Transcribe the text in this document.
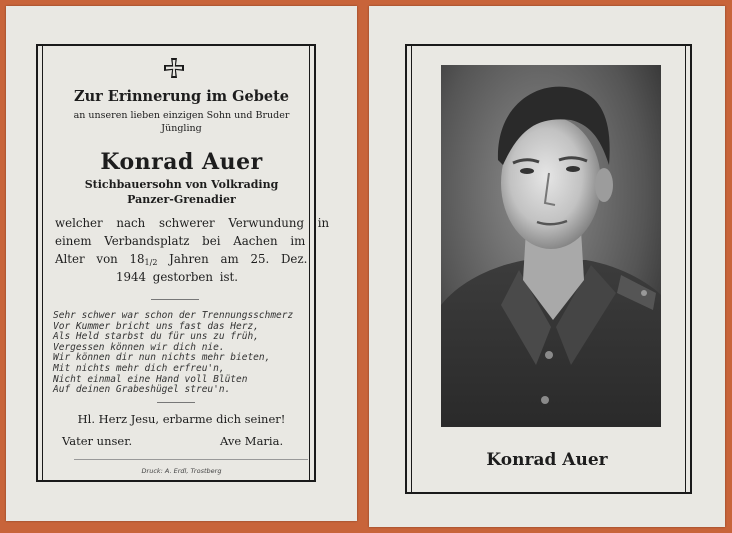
Zur Erinnerung im Gebete
an unseren lieben einzigen Sohn und Bruder
Jüngling
Konrad Auer
Stichbauersohn von Volkrading
Panzer-Grenadier
welcher nach schwerer Verwundung in
einem Verbandsplatz bei Aachen im
Alter von $18_{1/2}$ Jahren am 25. Dez.
1944 gestorben ist.
Sehr schwer war schon der Trennungsschmerz
Vor Kummer bricht uns fast das Herz,
Als Held starbst du für uns zu früh,
Vergessen können wir dich nie.
Wir können dir nun nichts mehr bieten,
Mit nichts mehr dich erfreu'n,
Nicht einmal eine Hand voll Blüten
Auf deinen Grabeshügel streu'n.
Hl. Herz Jesu, erbarme dich seiner!
Vater unser.	Ave Maria.
Druck: A. Erdl, Trostberg
Konrad Auer
